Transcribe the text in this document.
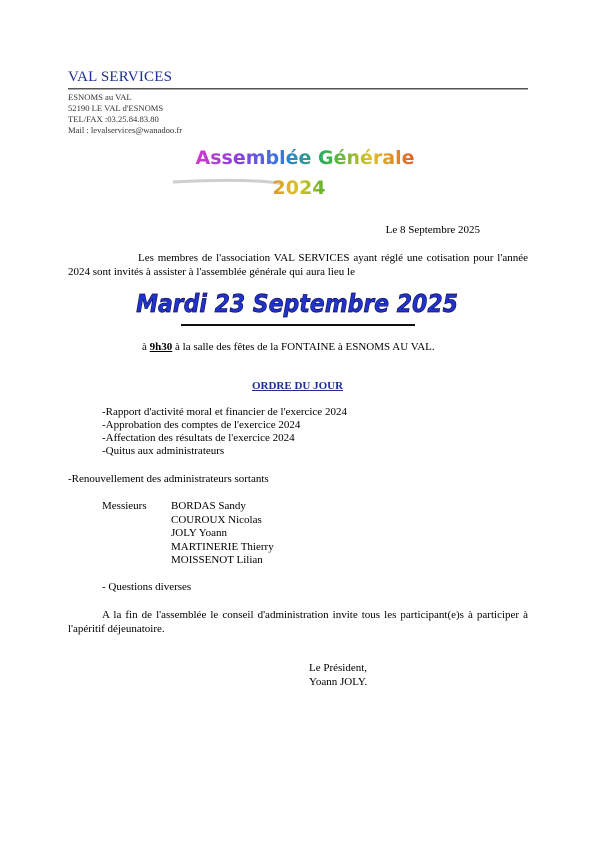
VAL SERVICES
ESNOMS au VAL
52190 LE VAL d'ESNOMS
TEL/FAX :03.25.84.83.80
Mail : levalservices@wanadoo.fr
Assemblée Générale
2024
Le 8 Septembre 2025
Les membres de l'association VAL SERVICES ayant réglé une cotisation pour l'année 2024 sont invités à assister à l'assemblée générale qui aura lieu le
Mardi 23 Septembre 2025
à 9h30 à la salle des fêtes de la FONTAINE à ESNOMS AU VAL.
ORDRE DU JOUR
-Rapport d'activité moral et financier de l'exercice 2024
-Approbation des comptes de l'exercice 2024
-Affectation des résultats de l'exercice 2024
-Quitus aux administrateurs
-Renouvellement des administrateurs sortants
Messieurs BORDAS Sandy
COUROUX Nicolas
JOLY Yoann
MARTINERIE Thierry
MOISSENOT Lilian
- Questions diverses
A la fin de l'assemblée le conseil d'administration invite tous les participant(e)s à participer à l'apéritif déjeunatoire.
Le Président,
Yoann JOLY.
